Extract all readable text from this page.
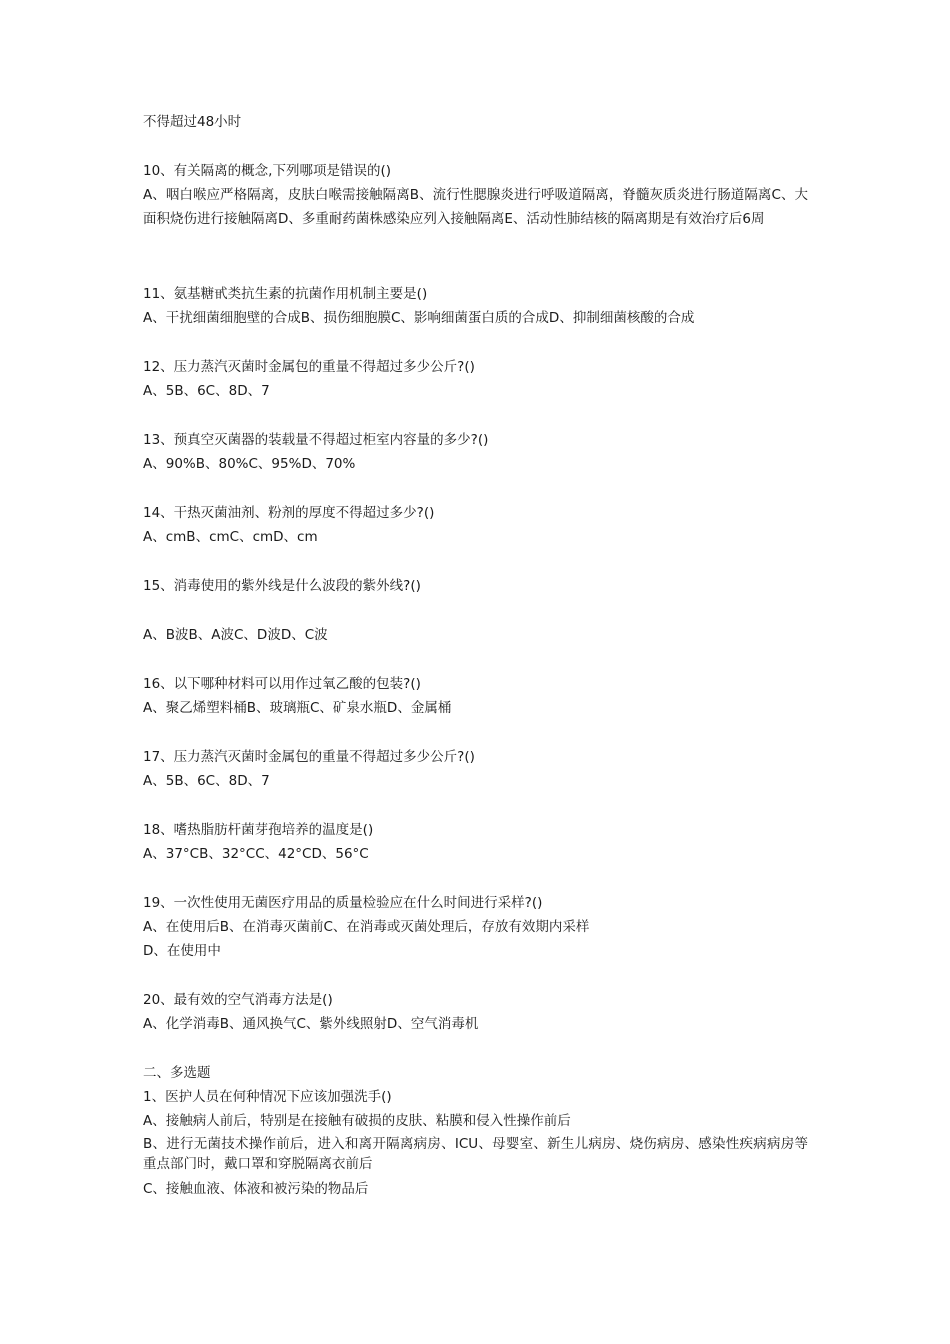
不得超过48小时
10、有关隔离的概念,下列哪项是错误的()
A、咽白喉应严格隔离，皮肤白喉需接触隔离B、流行性腮腺炎进行呼吸道隔离，脊髓灰质炎进行肠道隔离C、大面积烧伤进行接触隔离D、多重耐药菌株感染应列入接触隔离E、活动性肺结核的隔离期是有效治疗后6周
11、氨基糖甙类抗生素的抗菌作用机制主要是()
A、干扰细菌细胞壁的合成B、损伤细胞膜C、影响细菌蛋白质的合成D、抑制细菌核酸的合成
12、压力蒸汽灭菌时金属包的重量不得超过多少公斤?()
A、5B、6C、8D、7
13、预真空灭菌器的装载量不得超过柜室内容量的多少?()
A、90%B、80%C、95%D、70%
14、干热灭菌油剂、粉剂的厚度不得超过多少?()
A、cmB、cmC、cmD、cm
15、消毒使用的紫外线是什么波段的紫外线?()
A、B波B、A波C、D波D、C波
16、以下哪种材料可以用作过氧乙酸的包装?()
A、聚乙烯塑料桶B、玻璃瓶C、矿泉水瓶D、金属桶
17、压力蒸汽灭菌时金属包的重量不得超过多少公斤?()
A、5B、6C、8D、7
18、嗜热脂肪杆菌芽孢培养的温度是()
A、37°CB、32°CC、42°CD、56°C
19、一次性使用无菌医疗用品的质量检验应在什么时间进行采样?()
A、在使用后B、在消毒灭菌前C、在消毒或灭菌处理后，存放有效期内采样
D、在使用中
20、最有效的空气消毒方法是()
A、化学消毒B、通风换气C、紫外线照射D、空气消毒机
二、多选题
1、医护人员在何种情况下应该加强洗手()
A、接触病人前后，特别是在接触有破损的皮肤、粘膜和侵入性操作前后
B、进行无菌技术操作前后，进入和离开隔离病房、ICU、母婴室、新生儿病房、烧伤病房、感染性疾病病房等重点部门时，戴口罩和穿脱隔离衣前后
C、接触血液、体液和被污染的物品后
